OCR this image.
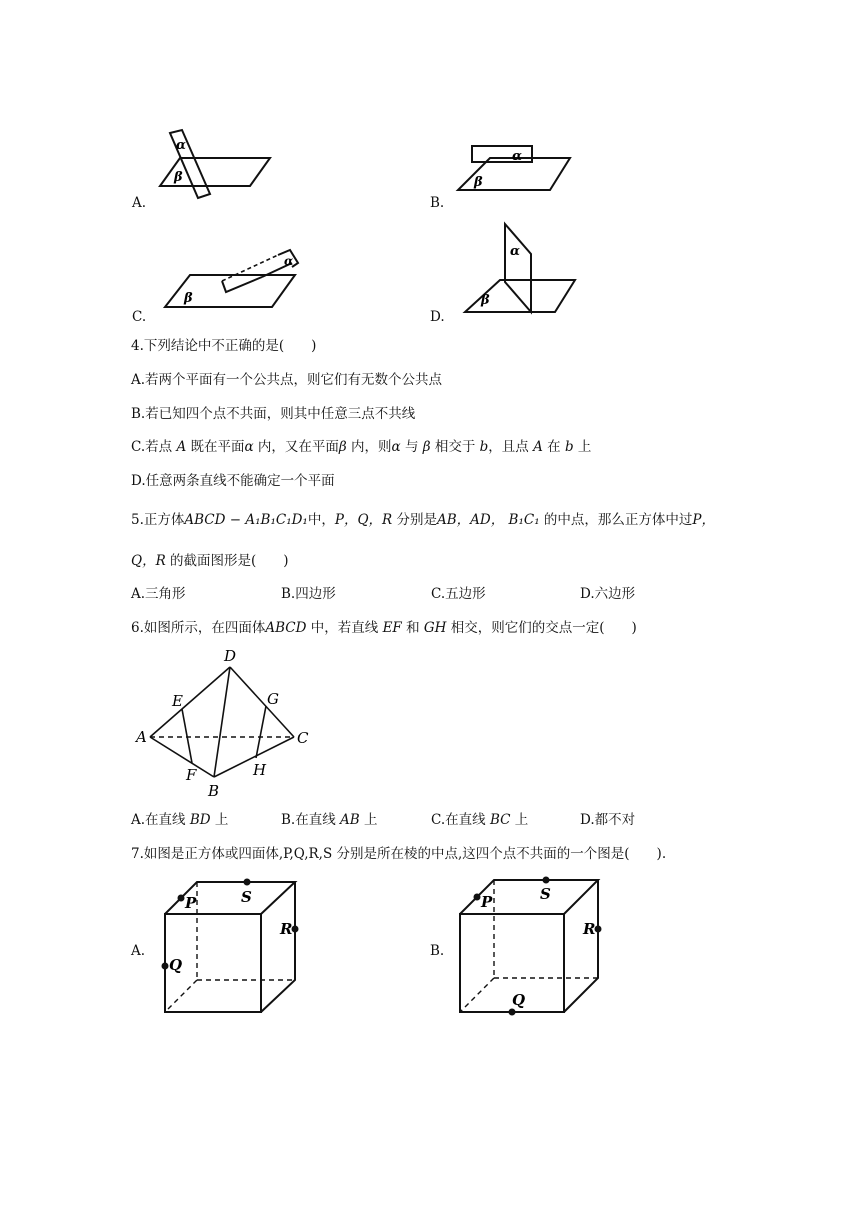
A.
α
β
B.
α
β
C.
α
β
D.
α
β
4.下列结论中不正确的是(　　)
A.若两个平面有一个公共点，则它们有无数个公共点
B.若已知四个点不共面，则其中任意三点不共线
C.若点 A 既在平面α 内，又在平面β 内，则α 与 β 相交于 b，且点 A 在 b 上
D.任意两条直线不能确定一个平面
5.正方体ABCD − A₁B₁C₁D₁中，P，Q，R 分别是AB，AD， B₁C₁ 的中点，那么正方体中过P，
Q，R 的截面图形是(　　)
A.三角形	B.四边形	C.五边形	D.六边形
6.如图所示，在四面体ABCD 中，若直线 EF 和 GH 相交，则它们的交点一定(　　)
A
B
C
D
E
F
G
H
A.在直线 BD 上	B.在直线 AB 上	C.在直线 BC 上	D.都不对
7.如图是正方体或四面体,P,Q,R,S 分别是所在棱的中点,这四个点不共面的一个图是(　　).
A.
P	S
R
Q
B.
P	S
R
Q
